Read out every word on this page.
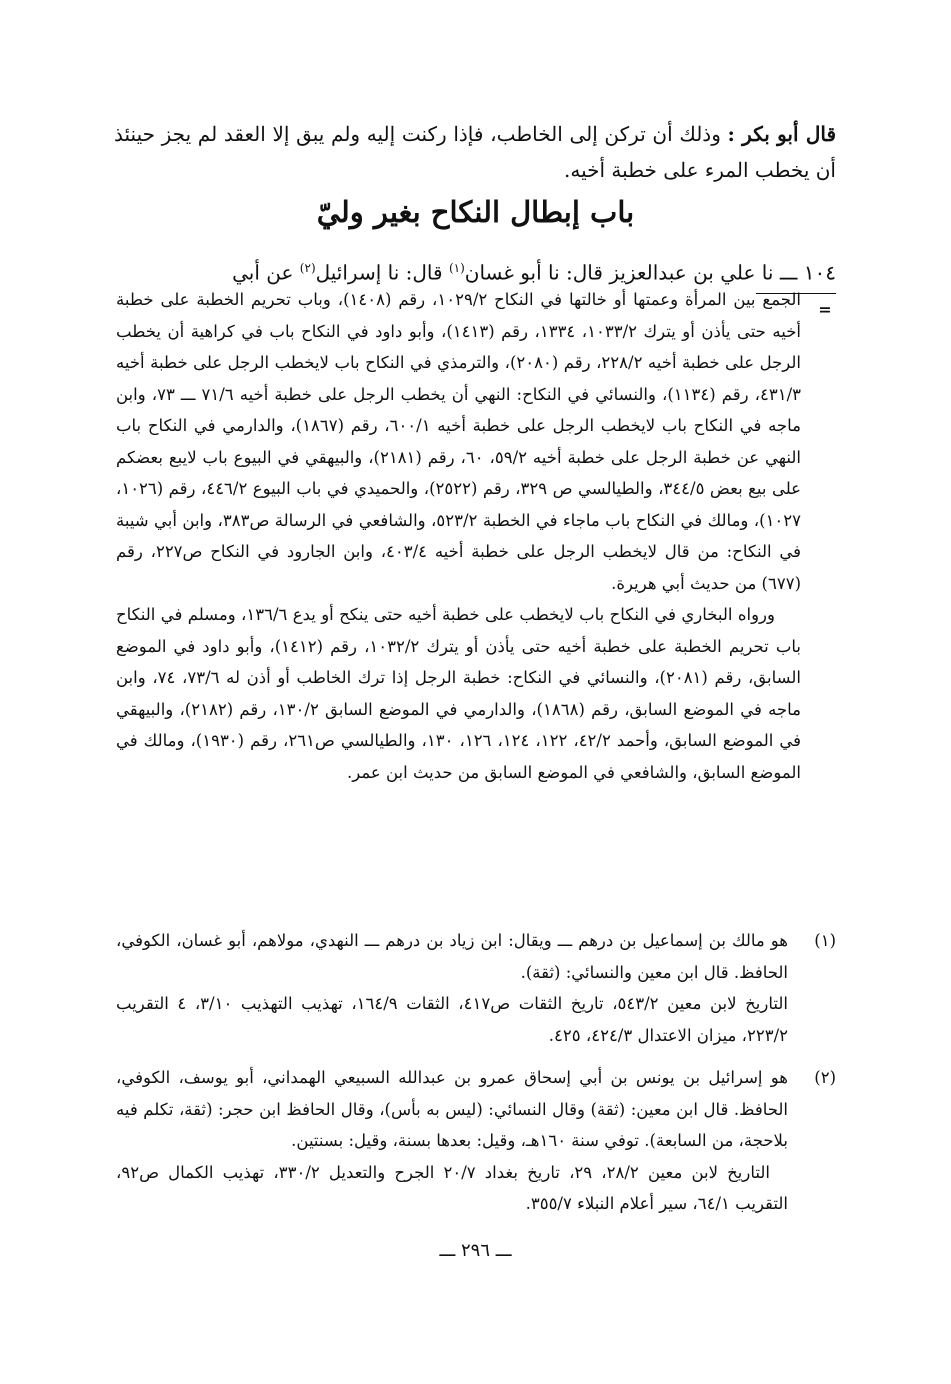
قال أبو بكر : وذلك أن تركن إلى الخاطب، فإذا ركنت إليه ولم يبق إلا العقد لم يجز حينئذ أن يخطب المرء على خطبة أخيه.

باب إبطال النكاح بغير وليّ

١٠٤ ـــ نا علي بن عبدالعزيز قال: نا أبو غسان$^{(١)}$ قال: نا إسرائيل$^{(٢)}$ عن أبي

=

الجمع بين المرأة وعمتها أو خالتها في النكاح ١٠٢٩/٢، رقم (١٤٠٨)، وباب تحريم الخطبة على خطبة أخيه حتى يأذن أو يترك ١٠٣٣/٢، ١٣٣٤، رقم (١٤١٣)، وأبو داود في النكاح باب في كراهية أن يخطب الرجل على خطبة أخيه ٢٢٨/٢، رقم (٢٠٨٠)، والترمذي في النكاح باب لايخطب الرجل على خطبة أخيه ٤٣١/٣، رقم (١١٣٤)، والنسائي في النكاح: النهي أن يخطب الرجل على خطبة أخيه ٧١/٦ ـــ ٧٣، وابن ماجه في النكاح باب لايخطب الرجل على خطبة أخيه ٦٠٠/١، رقم (١٨٦٧)، والدارمي في النكاح باب النهي عن خطبة الرجل على خطبة أخيه ٥٩/٢، ٦٠، رقم (٢١٨١)، والبيهقي في البيوع باب لايبع بعضكم على بيع بعض ٣٤٤/٥، والطيالسي ص ٣٢٩، رقم (٢٥٢٢)، والحميدي في باب البيوع ٤٤٦/٢، رقم (١٠٢٦، ١٠٢٧)، ومالك في النكاح باب ماجاء في الخطبة ٥٢٣/٢، والشافعي في الرسالة ص٣٨٣، وابن أبي شيبة في النكاح: من قال لايخطب الرجل على خطبة أخيه ٤٠٣/٤، وابن الجارود في النكاح ص٢٢٧، رقم (٦٧٧) من حديث أبي هريرة.

ورواه البخاري في النكاح باب لايخطب على خطبة أخيه حتى ينكح أو يدع ١٣٦/٦، ومسلم في النكاح باب تحريم الخطبة على خطبة أخيه حتى يأذن أو يترك ١٠٣٢/٢، رقم (١٤١٢)، وأبو داود في الموضع السابق، رقم (٢٠٨١)، والنسائي في النكاح: خطبة الرجل إذا ترك الخاطب أو أذن له ٧٣/٦، ٧٤، وابن ماجه في الموضع السابق، رقم (١٨٦٨)، والدارمي في الموضع السابق ١٣٠/٢، رقم (٢١٨٢)، والبيهقي في الموضع السابق، وأحمد ٤٢/٢، ١٢٢، ١٢٤، ١٢٦، ١٣٠، والطيالسي ص٢٦١، رقم (١٩٣٠)، ومالك في الموضع السابق، والشافعي في الموضع السابق من حديث ابن عمر.

(١)

هو مالك بن إسماعيل بن درهم ـــ ويقال: ابن زياد بن درهم ـــ النهدي، مولاهم، أبو غسان، الكوفي، الحافظ. قال ابن معين والنسائي: (ثقة).

التاريخ لابن معين ٥٤٣/٢، تاريخ الثقات ص٤١٧، الثقات ١٦٤/٩، تهذيب التهذيب ٣/١٠، ٤ التقريب ٢٢٣/٢، ميزان الاعتدال ٤٢٤/٣، ٤٢٥.

(٢)

هو إسرائيل بن يونس بن أبي إسحاق عمرو بن عبدالله السبيعي الهمداني، أبو يوسف، الكوفي، الحافظ. قال ابن معين: (ثقة) وقال النسائي: (ليس به بأس)، وقال الحافظ ابن حجر: (ثقة، تكلم فيه بلاحجة، من السابعة). توفي سنة ١٦٠هـ، وقيل: بعدها بسنة، وقيل: بسنتين.

التاريخ لابن معين ٢٨/٢، ٢٩، تاريخ بغداد ٢٠/٧ الجرح والتعديل ٣٣٠/٢، تهذيب الكمال ص٩٢، التقريب ٦٤/١، سير أعلام النبلاء ٣٥٥/٧.

ـــ ٢٩٦ ـــ
